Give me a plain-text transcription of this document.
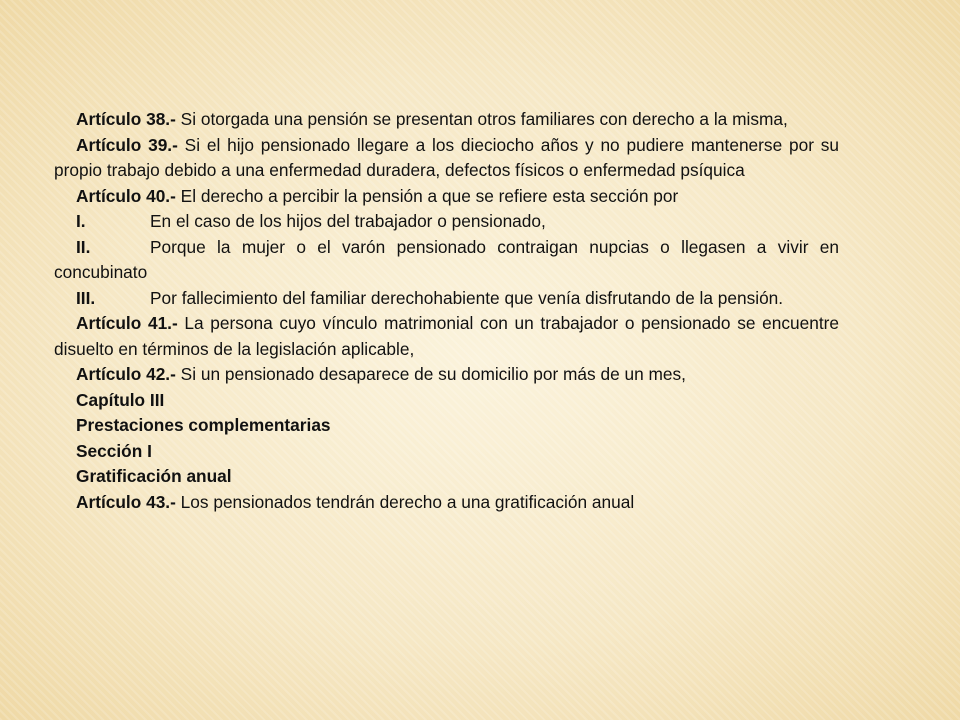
Artículo 38.- Si otorgada una pensión se presentan otros familiares con derecho a la misma,

Artículo 39.- Si el hijo pensionado llegare a los dieciocho años y no pudiere mantenerse por su propio trabajo debido a una enfermedad duradera, defectos físicos o enfermedad psíquica

Artículo 40.- El derecho a percibir la pensión a que se refiere esta sección por

I.	En el caso de los hijos del trabajador o pensionado,

II.	Porque la mujer o el varón pensionado contraigan nupcias o llegasen a vivir en concubinato

III.	Por fallecimiento del familiar derechohabiente que venía disfrutando de la pensión.

Artículo 41.- La persona cuyo vínculo matrimonial con un trabajador o pensionado se encuentre disuelto en términos de la legislación aplicable,

Artículo 42.- Si un pensionado desaparece de su domicilio por más de un mes,

Capítulo III

Prestaciones complementarias

Sección I

Gratificación anual

Artículo 43.- Los pensionados tendrán derecho a una gratificación anual
